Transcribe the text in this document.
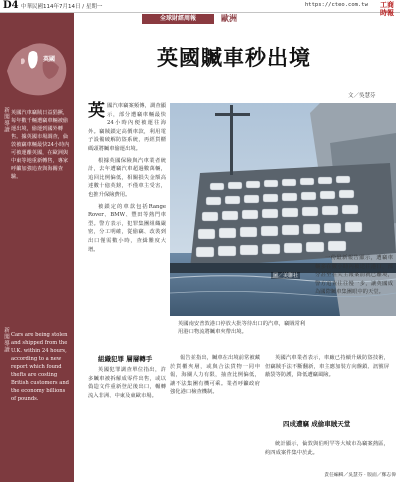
D4 中華民國114年7月14日 / 星期一	https://cteo.com.tw 工商
時報
英國
新聞導讀 英國汽車竊賊日益猖獗，每年數千輛遭竊車輛被偷運出境，偷運到國外轉售。據英國市場調查，倫敦被竊車輛最快24小時內可被運離英國，在歐洲與中東等地重新轉售，專家呼籲加強追查與海關查驗。
新聞導讀 Cars are being stolen and shipped from the U.K. within 24 hours, according to a new report which found thefts are costing British customers and the economy billions of pounds.
全球財經周報	歐洲
英國贓車秒出境
文／吳慧芬

英國汽車竊案頻傳，調查顯示，部分遭竊車輛最快24小時內便被運往海外。竊賊鎖定高價車款，利用電子設備破解防盜系統，再經貨櫃碼頭將贓車偷運出境。

根據英國保險與汽車業者統計，去年遭竊汽車超過數萬輛，追回比例偏低，相關損失金額高達數十億英鎊，不僅車主受害，也推升保險費用。

被鎖定的車款包括Range Rover、BMW、豐田等熱門車型。警方表示，犯罪集團組織嚴密，分工明確，從偷竊、改裝到出口僅需數小時，查緝難度大增。

圖／美聯社
英國南安普敦港口停放大批等待出口的汽車，竊賊常利用港口物流將贓車夾帶出境。

一份最新報告顯示，遭竊車輛多在數小時內被送往港口，部分甚至在失主報案前就已離境，警方追查往往慢一步，讓英國成為國際贓車集團眼中的天堂。

組織犯罪 層層轉手

英國犯罪調查單位指出，許多贓車被拆解成零件出售，或以偽造文件重新登記後出口，輾轉流入非洲、中東及東歐市場。

報告並指出，贓車在出境前常被藏於貨櫃夾層，或與合法貨物一同申報，海關人力有限，抽查比例偏低，讓不法集團有機可乘。業者呼籲政府強化港口檢查機制。

英國汽車業者表示，車廠已持續升級防盜技術，但竊賊手法不斷翻新，車主應加裝方向盤鎖、訊號屏蔽袋等防護，降低遭竊風險。

四成遭竊 成偷車賊天堂

統計顯示，倫敦與伯明罕等大城市為竊案熱區，約四成案件集中於此。

責任編輯／吳慧芬 · 版面／鄭志偉
